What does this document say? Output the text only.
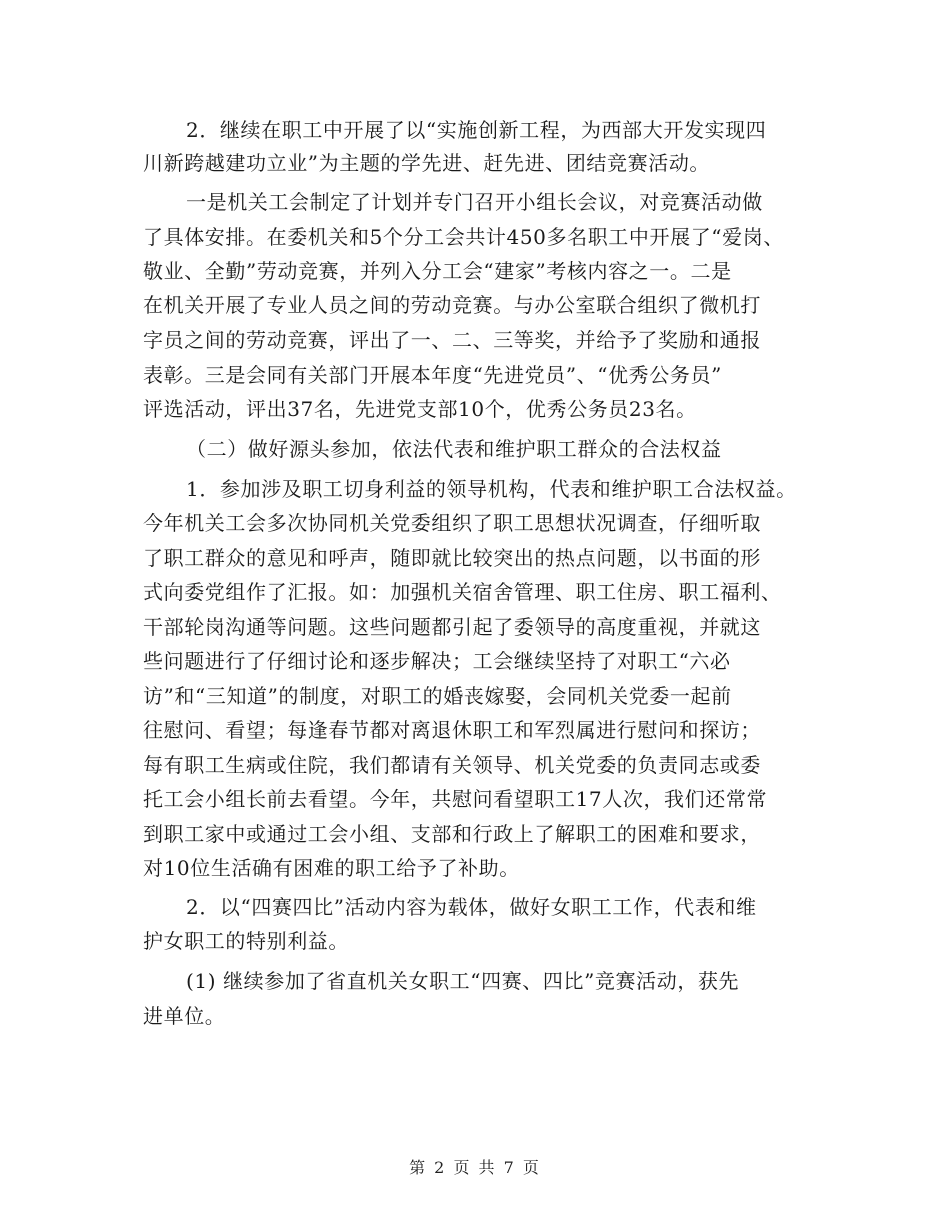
2．继续在职工中开展了以“实施创新工程，为西部大开发实现四
川新跨越建功立业”为主题的学先进、赶先进、团结竞赛活动。
一是机关工会制定了计划并专门召开小组长会议，对竞赛活动做
了具体安排。在委机关和5个分工会共计450多名职工中开展了“爱岗、
敬业、全勤”劳动竞赛，并列入分工会“建家”考核内容之一。二是
在机关开展了专业人员之间的劳动竞赛。与办公室联合组织了微机打
字员之间的劳动竞赛，评出了一、二、三等奖，并给予了奖励和通报
表彰。三是会同有关部门开展本年度“先进党员”、“优秀公务员”
评选活动，评出37名，先进党支部10个，优秀公务员23名。
（二）做好源头参加，依法代表和维护职工群众的合法权益
1．参加涉及职工切身利益的领导机构，代表和维护职工合法权益。
今年机关工会多次协同机关党委组织了职工思想状况调查，仔细听取
了职工群众的意见和呼声，随即就比较突出的热点问题，以书面的形
式向委党组作了汇报。如：加强机关宿舍管理、职工住房、职工福利、
干部轮岗沟通等问题。这些问题都引起了委领导的高度重视，并就这
些问题进行了仔细讨论和逐步解决；工会继续坚持了对职工“六必
访”和“三知道”的制度，对职工的婚丧嫁娶，会同机关党委一起前
往慰问、看望；每逢春节都对离退休职工和军烈属进行慰问和探访；
每有职工生病或住院，我们都请有关领导、机关党委的负责同志或委
托工会小组长前去看望。今年，共慰问看望职工17人次，我们还常常
到职工家中或通过工会小组、支部和行政上了解职工的困难和要求，
对10位生活确有困难的职工给予了补助。
2．以“四赛四比”活动内容为载体，做好女职工工作，代表和维
护女职工的特别利益。
(1) 继续参加了省直机关女职工“四赛、四比”竞赛活动，获先
进单位。
第 2 页 共 7 页
